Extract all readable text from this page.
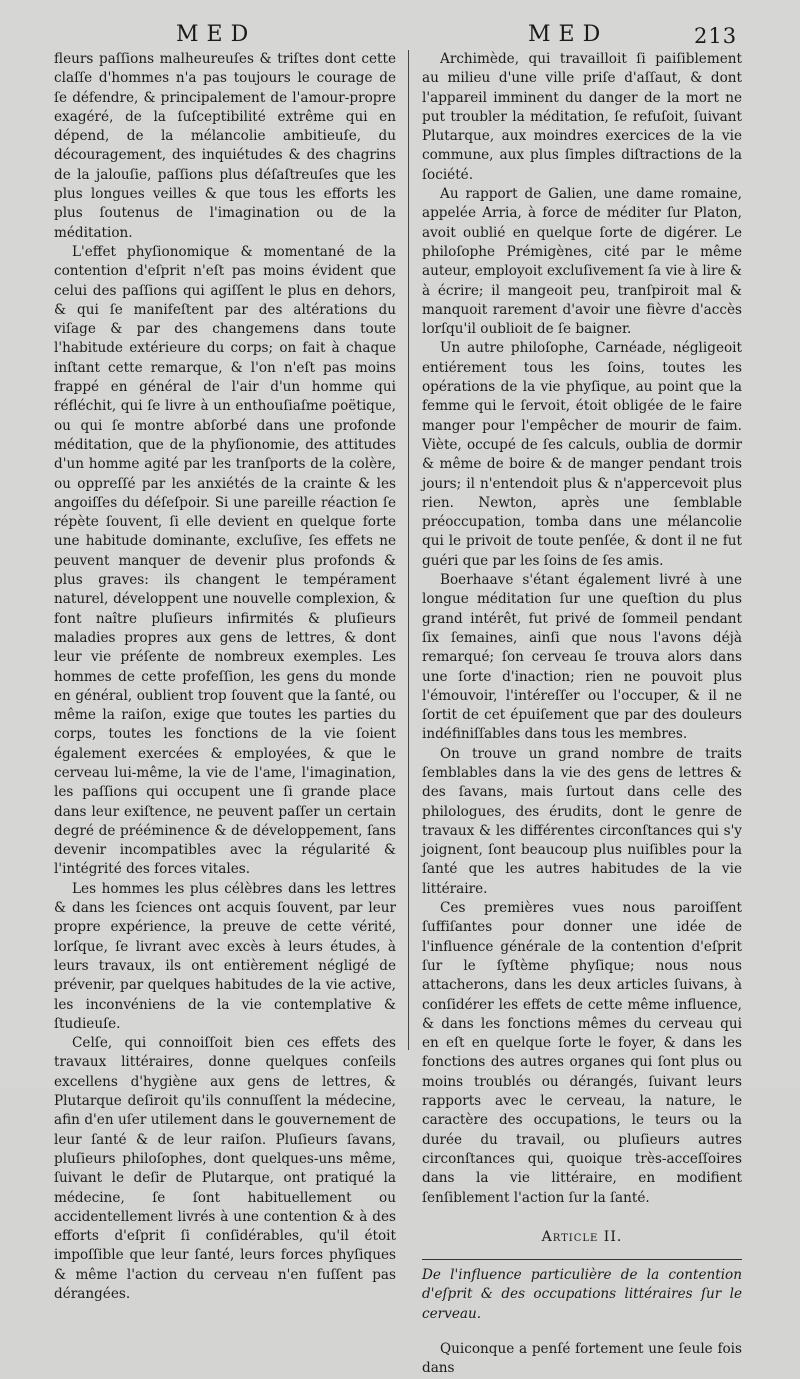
MED	MED	213

fleurs paſſions malheureuſes & triſtes dont cette claſſe d'hommes n'a pas toujours le courage de ſe défendre, & principalement de l'amour-propre exagéré, de la ſuſceptibilité extrême qui en dépend, de la mélancolie ambitieuſe, du découragement, des inquiétudes & des chagrins de la jalouſie, paſſions plus déſaſtreuſes que les plus longues veilles & que tous les efforts les plus ſoutenus de l'imagination ou de la méditation.

L'effet phyſionomique & momentané de la contention d'eſprit n'eſt pas moins évident que celui des paſſions qui agiſſent le plus en dehors, & qui ſe manifeſtent par des altérations du viſage & par des changemens dans toute l'habitude extérieure du corps; on fait à chaque inſtant cette remarque, & l'on n'eſt pas moins frappé en général de l'air d'un homme qui réfléchit, qui ſe livre à un enthouſiaſme poëtique, ou qui ſe montre abſorbé dans une profonde méditation, que de la phyſionomie, des attitudes d'un homme agité par les tranſports de la colère, ou oppreſſé par les anxiétés de la crainte & les angoiſſes du déſeſpoir. Si une pareille réaction ſe répète ſouvent, ſi elle devient en quelque forte une habitude dominante, excluſive, ſes effets ne peuvent manquer de devenir plus profonds & plus graves: ils changent le tempérament naturel, développent une nouvelle complexion, & font naître pluſieurs infirmités & pluſieurs maladies propres aux gens de lettres, & dont leur vie préſente de nombreux exemples. Les hommes de cette profeſſion, les gens du monde en général, oublient trop ſouvent que la ſanté, ou même la raiſon, exige que toutes les parties du corps, toutes les fonctions de la vie ſoient également exercées & employées, & que le cerveau lui-même, la vie de l'ame, l'imagination, les paſſions qui occupent une ſi grande place dans leur exiſtence, ne peuvent paſſer un certain degré de prééminence & de développement, ſans devenir incompatibles avec la régularité & l'intégrité des forces vitales.

Les hommes les plus célèbres dans les lettres & dans les ſciences ont acquis ſouvent, par leur propre expérience, la preuve de cette vérité, lorſque, ſe livrant avec excès à leurs études, à leurs travaux, ils ont entièrement négligé de prévenir, par quelques habitudes de la vie active, les inconvéniens de la vie contemplative & ſtudieuſe.

Celſe, qui connoiſſoit bien ces effets des travaux littéraires, donne quelques conſeils excellens d'hygiène aux gens de lettres, & Plutarque deſiroit qu'ils connuſſent la médecine, afin d'en uſer utilement dans le gouvernement de leur ſanté & de leur raiſon. Pluſieurs ſavans, pluſieurs philoſophes, dont quelques-uns même, ſuivant le deſir de Plutarque, ont pratiqué la médecine, ſe ſont habituellement ou accidentellement livrés à une contention & à des efforts d'eſprit ſi conſidérables, qu'il étoit impoſſible que leur ſanté, leurs forces phyſiques & même l'action du cerveau n'en fuſſent pas dérangées.

Archimède, qui travailloit ſi paiſiblement au milieu d'une ville priſe d'aſſaut, & dont l'appareil imminent du danger de la mort ne put troubler la méditation, ſe refuſoit, ſuivant Plutarque, aux moindres exercices de la vie commune, aux plus ſimples diſtractions de la ſociété.

Au rapport de Galien, une dame romaine, appelée Arria, à force de méditer ſur Platon, avoit oublié en quelque ſorte de digérer. Le philoſophe Prémigènes, cité par le même auteur, employoit excluſivement ſa vie à lire & à écrire; il mangeoit peu, tranſpiroit mal & manquoit rarement d'avoir une fièvre d'accès lorſqu'il oublioit de ſe baigner.

Un autre philoſophe, Carnéade, négligeoit entiérement tous les ſoins, toutes les opérations de la vie phyſique, au point que la femme qui le ſervoit, étoit obligée de le faire manger pour l'empêcher de mourir de faim. Viète, occupé de ſes calculs, oublia de dormir & même de boire & de manger pendant trois jours; il n'entendoit plus & n'appercevoit plus rien. Newton, après une ſemblable préoccupation, tomba dans une mélancolie qui le privoit de toute penſée, & dont il ne fut guéri que par les ſoins de ſes amis.

Boerhaave s'étant également livré à une longue méditation ſur une queſtion du plus grand intérêt, fut privé de ſommeil pendant ſix ſemaines, ainſi que nous l'avons déjà remarqué; ſon cerveau ſe trouva alors dans une ſorte d'inaction; rien ne pouvoit plus l'émouvoir, l'intéreſſer ou l'occuper, & il ne ſortit de cet épuiſement que par des douleurs indéfiniſſables dans tous les membres.

On trouve un grand nombre de traits ſemblables dans la vie des gens de lettres & des ſavans, mais ſurtout dans celle des philologues, des érudits, dont le genre de travaux & les différentes circonſtances qui s'y joignent, ſont beaucoup plus nuiſibles pour la ſanté que les autres habitudes de la vie littéraire.

Ces premières vues nous paroiſſent ſuffiſantes pour donner une idée de l'influence générale de la contention d'eſprit ſur le ſyſtème phyſique; nous nous attacherons, dans les deux articles ſuivans, à conſidérer les effets de cette même influence, & dans les fonctions mêmes du cerveau qui en eſt en quelque ſorte le foyer, & dans les fonctions des autres organes qui ſont plus ou moins troublés ou dérangés, ſuivant leurs rapports avec le cerveau, la nature, le caractère des occupations, le teurs ou la durée du travail, ou pluſieurs autres circonſtances qui, quoique très-acceſſoires dans la vie littéraire, en modifient ſenſiblement l'action ſur la ſanté.

Article II.

De l'influence particulière de la contention d'eſprit & des occupations littéraires ſur le cerveau.

Quiconque a penſé fortement une ſeule fois dans
